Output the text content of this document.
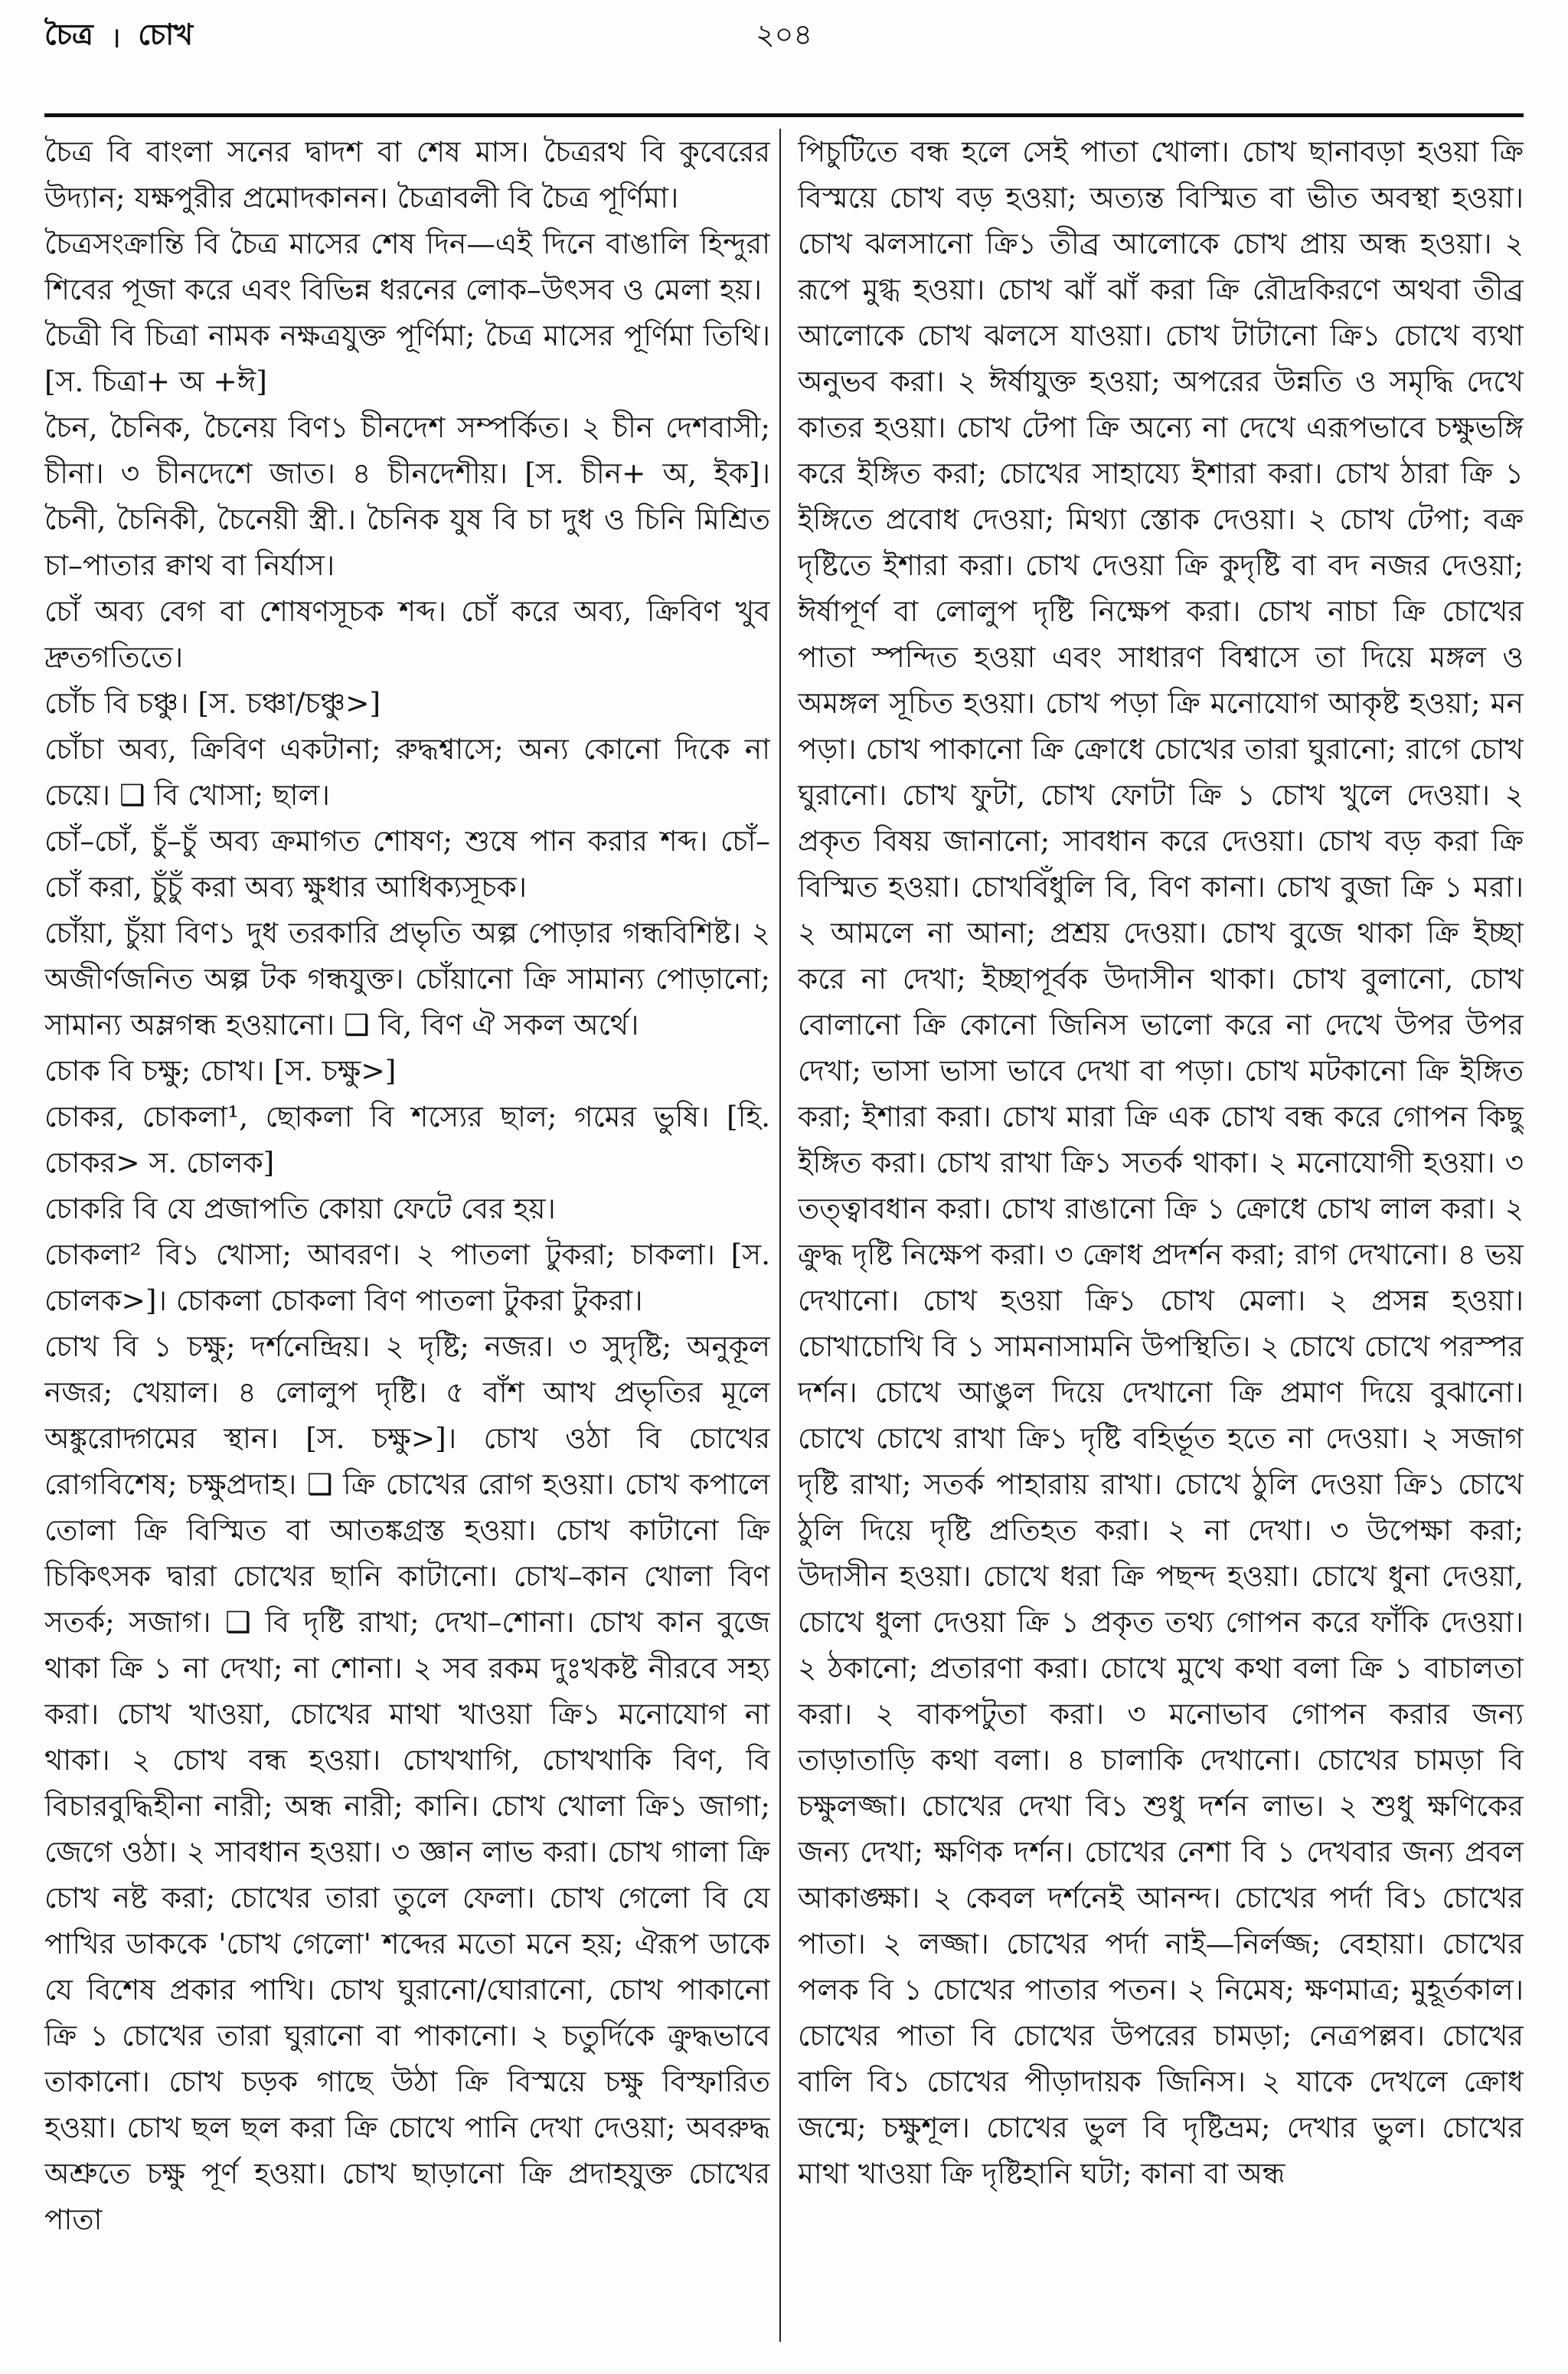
চৈত্র । চোখ	২০৪

চৈত্র বি বাংলা সনের দ্বাদশ বা শেষ মাস। চৈত্ররথ বি কুবেরের উদ্যান; যক্ষপুরীর প্রমোদকানন। চৈত্রাবলী বি চৈত্র পূর্ণিমা।

চৈত্রসংক্রান্তি বি চৈত্র মাসের শেষ দিন—এই দিনে বাঙালি হিন্দুরা শিবের পূজা করে এবং বিভিন্ন ধরনের লোক–উৎসব ও মেলা হয়।

চৈত্রী বি চিত্রা নামক নক্ষত্রযুক্ত পূর্ণিমা; চৈত্র মাসের পূর্ণিমা তিথি। [স. চিত্রা+ অ +ঈ]

চৈন, চৈনিক, চৈনেয় বিণ১ চীনদেশ সম্পর্কিত। ২ চীন দেশবাসী; চীনা। ৩ চীনদেশে জাত। ৪ চীনদেশীয়। [স. চীন+ অ, ইক]। চৈনী, চৈনিকী, চৈনেয়ী স্ত্রী.। চৈনিক যুষ বি চা দুধ ও চিনি মিশ্রিত চা–পাতার ক্বাথ বা নির্যাস।

চোঁ অব্য বেগ বা শোষণসূচক শব্দ। চোঁ করে অব্য, ক্রিবিণ খুব দ্রুতগতিতে।

চোঁচ বি চঞ্চু। [স. চঞ্চা/চঞ্চু>]

চোঁচা অব্য, ক্রিবিণ একটানা; রুদ্ধশ্বাসে; অন্য কোনো দিকে না চেয়ে। ❑ বি খোসা; ছাল।

চোঁ–চোঁ, চুঁ–চুঁ অব্য ক্রমাগত শোষণ; শুষে পান করার শব্দ। চোঁ–চোঁ করা, চুঁচুঁ করা অব্য ক্ষুধার আধিক্যসূচক।

চোঁয়া, চুঁয়া বিণ১ দুধ তরকারি প্রভৃতি অল্প পোড়ার গন্ধবিশিষ্ট। ২ অজীর্ণজনিত অল্প টক গন্ধযুক্ত। চোঁয়ানো ক্রি সামান্য পোড়ানো; সামান্য অম্লগন্ধ হওয়ানো। ❑ বি, বিণ ঐ সকল অর্থে।

চোক বি চক্ষু; চোখ। [স. চক্ষু>]

চোকর, চোকলা¹, ছোকলা বি শস্যের ছাল; গমের ভুষি। [হি. চোকর> স. চোলক]

চোকরি বি যে প্রজাপতি কোয়া ফেটে বের হয়।

চোকলা² বি১ খোসা; আবরণ। ২ পাতলা টুকরা; চাকলা। [স. চোলক>]। চোকলা চোকলা বিণ পাতলা টুকরা টুকরা।

চোখ বি ১ চক্ষু; দর্শনেন্দ্রিয়। ২ দৃষ্টি; নজর। ৩ সুদৃষ্টি; অনুকূল নজর; খেয়াল। ৪ লোলুপ দৃষ্টি। ৫ বাঁশ আখ প্রভৃতির মূলে অঙ্কুরোদ্গমের স্থান। [স. চক্ষু>]। চোখ ওঠা বি চোখের রোগবিশেষ; চক্ষুপ্রদাহ। ❑ ক্রি চোখের রোগ হওয়া। চোখ কপালে তোলা ক্রি বিস্মিত বা আতঙ্কগ্রস্ত হওয়া। চোখ কাটানো ক্রি চিকিৎসক দ্বারা চোখের ছানি কাটানো। চোখ–কান খোলা বিণ সতর্ক; সজাগ। ❑ বি দৃষ্টি রাখা; দেখা–শোনা। চোখ কান বুজে থাকা ক্রি ১ না দেখা; না শোনা। ২ সব রকম দুঃখকষ্ট নীরবে সহ্য করা। চোখ খাওয়া, চোখের মাথা খাওয়া ক্রি১ মনোযোগ না থাকা। ২ চোখ বন্ধ হওয়া। চোখখাগি, চোখখাকি বিণ, বি বিচারবুদ্ধিহীনা নারী; অন্ধ নারী; কানি। চোখ খোলা ক্রি১ জাগা; জেগে ওঠা। ২ সাবধান হওয়া। ৩ জ্ঞান লাভ করা। চোখ গালা ক্রি চোখ নষ্ট করা; চোখের তারা তুলে ফেলা। চোখ গেলো বি যে পাখির ডাককে 'চোখ গেলো' শব্দের মতো মনে হয়; ঐরূপ ডাকে যে বিশেষ প্রকার পাখি। চোখ ঘুরানো/ঘোরানো, চোখ পাকানো ক্রি ১ চোখের তারা ঘুরানো বা পাকানো। ২ চতুর্দিকে ক্রুদ্ধভাবে তাকানো। চোখ চড়ক গাছে উঠা ক্রি বিস্ময়ে চক্ষু বিস্ফারিত হওয়া। চোখ ছল ছল করা ক্রি চোখে পানি দেখা দেওয়া; অবরুদ্ধ অশ্রুতে চক্ষু পূর্ণ হওয়া। চোখ ছাড়ানো ক্রি প্রদাহযুক্ত চোখের পাতা

পিচুটিতে বন্ধ হলে সেই পাতা খোলা। চোখ ছানাবড়া হওয়া ক্রি বিস্ময়ে চোখ বড় হওয়া; অত্যন্ত বিস্মিত বা ভীত অবস্থা হওয়া। চোখ ঝলসানো ক্রি১ তীব্র আলোকে চোখ প্রায় অন্ধ হওয়া। ২ রূপে মুগ্ধ হওয়া। চোখ ঝাঁ ঝাঁ করা ক্রি রৌদ্রকিরণে অথবা তীব্র আলোকে চোখ ঝলসে যাওয়া। চোখ টাটানো ক্রি১ চোখে ব্যথা অনুভব করা। ২ ঈর্ষাযুক্ত হওয়া; অপরের উন্নতি ও সমৃদ্ধি দেখে কাতর হওয়া। চোখ টেপা ক্রি অন্যে না দেখে এরূপভাবে চক্ষুভঙ্গি করে ইঙ্গিত করা; চোখের সাহায্যে ইশারা করা। চোখ ঠারা ক্রি ১ ইঙ্গিতে প্রবোধ দেওয়া; মিথ্যা স্তোক দেওয়া। ২ চোখ টেপা; বক্র দৃষ্টিতে ইশারা করা। চোখ দেওয়া ক্রি কুদৃষ্টি বা বদ নজর দেওয়া; ঈর্ষাপূর্ণ বা লোলুপ দৃষ্টি নিক্ষেপ করা। চোখ নাচা ক্রি চোখের পাতা স্পন্দিত হওয়া এবং সাধারণ বিশ্বাসে তা দিয়ে মঙ্গল ও অমঙ্গল সূচিত হওয়া। চোখ পড়া ক্রি মনোযোগ আকৃষ্ট হওয়া; মন পড়া। চোখ পাকানো ক্রি ক্রোধে চোখের তারা ঘুরানো; রাগে চোখ ঘুরানো। চোখ ফুটা, চোখ ফোটা ক্রি ১ চোখ খুলে দেওয়া। ২ প্রকৃত বিষয় জানানো; সাবধান করে দেওয়া। চোখ বড় করা ক্রি বিস্মিত হওয়া। চোখবিঁধুলি বি, বিণ কানা। চোখ বুজা ক্রি ১ মরা। ২ আমলে না আনা; প্রশ্রয় দেওয়া। চোখ বুজে থাকা ক্রি ইচ্ছা করে না দেখা; ইচ্ছাপূর্বক উদাসীন থাকা। চোখ বুলানো, চোখ বোলানো ক্রি কোনো জিনিস ভালো করে না দেখে উপর উপর দেখা; ভাসা ভাসা ভাবে দেখা বা পড়া। চোখ মটকানো ক্রি ইঙ্গিত করা; ইশারা করা। চোখ মারা ক্রি এক চোখ বন্ধ করে গোপন কিছু ইঙ্গিত করা। চোখ রাখা ক্রি১ সতর্ক থাকা। ২ মনোযোগী হওয়া। ৩ তত্ত্বাবধান করা। চোখ রাঙানো ক্রি ১ ক্রোধে চোখ লাল করা। ২ ক্রুদ্ধ দৃষ্টি নিক্ষেপ করা। ৩ ক্রোধ প্রদর্শন করা; রাগ দেখানো। ৪ ভয় দেখানো। চোখ হওয়া ক্রি১ চোখ মেলা। ২ প্রসন্ন হওয়া। চোখাচোখি বি ১ সামনাসামনি উপস্থিতি। ২ চোখে চোখে পরস্পর দর্শন। চোখে আঙুল দিয়ে দেখানো ক্রি প্রমাণ দিয়ে বুঝানো। চোখে চোখে রাখা ক্রি১ দৃষ্টি বহির্ভূত হতে না দেওয়া। ২ সজাগ দৃষ্টি রাখা; সতর্ক পাহারায় রাখা। চোখে ঠুলি দেওয়া ক্রি১ চোখে ঠুলি দিয়ে দৃষ্টি প্রতিহত করা। ২ না দেখা। ৩ উপেক্ষা করা; উদাসীন হওয়া। চোখে ধরা ক্রি পছন্দ হওয়া। চোখে ধুনা দেওয়া, চোখে ধুলা দেওয়া ক্রি ১ প্রকৃত তথ্য গোপন করে ফাঁকি দেওয়া। ২ ঠকানো; প্রতারণা করা। চোখে মুখে কথা বলা ক্রি ১ বাচালতা করা। ২ বাকপটুতা করা। ৩ মনোভাব গোপন করার জন্য তাড়াতাড়ি কথা বলা। ৪ চালাকি দেখানো। চোখের চামড়া বি চক্ষুলজ্জা। চোখের দেখা বি১ শুধু দর্শন লাভ। ২ শুধু ক্ষণিকের জন্য দেখা; ক্ষণিক দর্শন। চোখের নেশা বি ১ দেখবার জন্য প্রবল আকাঙ্ক্ষা। ২ কেবল দর্শনেই আনন্দ। চোখের পর্দা বি১ চোখের পাতা। ২ লজ্জা। চোখের পর্দা নাই—নির্লজ্জ; বেহায়া। চোখের পলক বি ১ চোখের পাতার পতন। ২ নিমেষ; ক্ষণমাত্র; মুহূর্তকাল। চোখের পাতা বি চোখের উপরের চামড়া; নেত্রপল্লব। চোখের বালি বি১ চোখের পীড়াদায়ক জিনিস। ২ যাকে দেখলে ক্রোধ জন্মে; চক্ষুশূল। চোখের ভুল বি দৃষ্টিভ্রম; দেখার ভুল। চোখের মাথা খাওয়া ক্রি দৃষ্টিহানি ঘটা; কানা বা অন্ধ
